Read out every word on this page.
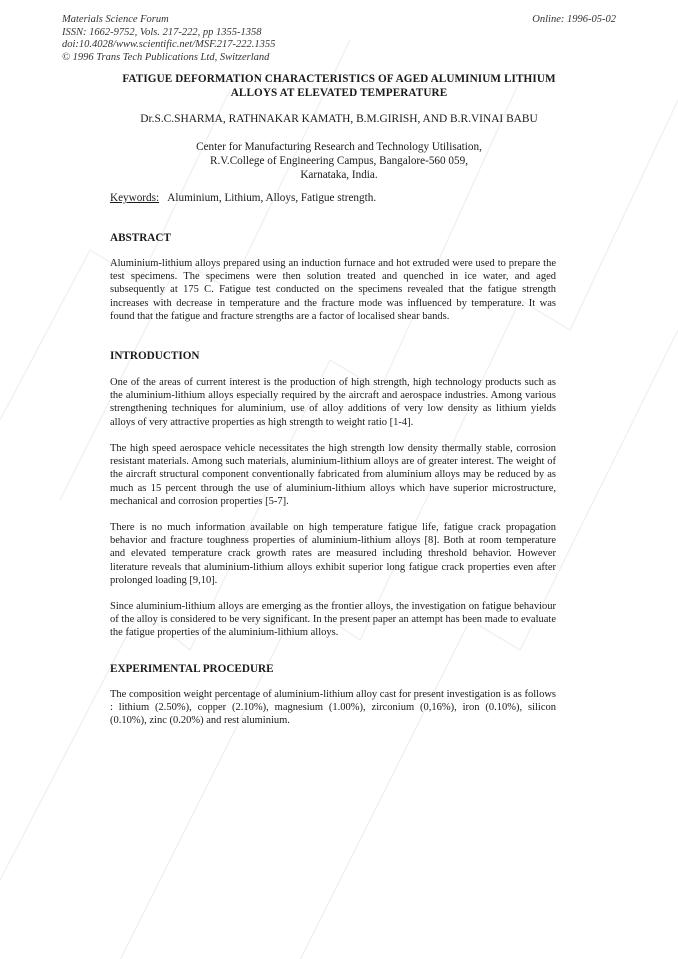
Materials Science Forum
ISSN: 1662-9752, Vols. 217-222, pp 1355-1358
doi:10.4028/www.scientific.net/MSF.217-222.1355
© 1996 Trans Tech Publications Ltd, Switzerland
Online: 1996-05-02
FATIGUE DEFORMATION CHARACTERISTICS OF AGED ALUMINIUM LITHIUM
ALLOYS AT ELEVATED TEMPERATURE
Dr.S.C.SHARMA, RATHNAKAR KAMATH, B.M.GIRISH, AND B.R.VINAI BABU
Center for Manufacturing Research and Technology Utilisation,
R.V.College of Engineering Campus, Bangalore-560 059,
Karnataka, India.
Keywords: Aluminium, Lithium, Alloys, Fatigue strength.
ABSTRACT

Aluminium-lithium alloys prepared using an induction furnace and hot extruded were used to prepare the test specimens. The specimens were then solution treated and quenched in ice water, and aged subsequently at 175 C. Fatigue test conducted on the specimens revealed that the fatigue strength increases with decrease in temperature and the fracture mode was influenced by temperature. It was found that the fatigue and fracture strengths are a factor of localised shear bands.

INTRODUCTION

One of the areas of current interest is the production of high strength, high technology products such as the aluminium-lithium alloys especially required by the aircraft and aerospace industries. Among various strengthening techniques for aluminium, use of alloy additions of very low density as lithium yields alloys of very attractive properties as high strength to weight ratio [1-4].

The high speed aerospace vehicle necessitates the high strength low density thermally stable, corrosion resistant materials. Among such materials, aluminium-lithium alloys are of greater interest. The weight of the aircraft structural component conventionally fabricated from aluminium alloys may be reduced by as much as 15 percent through the use of aluminium-lithium alloys which have superior microstructure, mechanical and corrosion properties [5-7].

There is no much information available on high temperature fatigue life, fatigue crack propagation behavior and fracture toughness properties of aluminium-lithium alloys [8]. Both at room temperature and elevated temperature crack growth rates are measured including threshold behavior. However literature reveals that aluminium-lithium alloys exhibit superior long fatigue crack properties even after prolonged loading [9,10].

Since aluminium-lithium alloys are emerging as the frontier alloys, the investigation on fatigue behaviour of the alloy is considered to be very significant. In the present paper an attempt has been made to evaluate the fatigue properties of the aluminium-lithium alloys.

EXPERIMENTAL PROCEDURE

The composition weight percentage of aluminium-lithium alloy cast for present investigation is as follows : lithium (2.50%), copper (2.10%), magnesium (1.00%), zirconium (0,16%), iron (0.10%), silicon (0.10%), zinc (0.20%) and rest aluminium.
